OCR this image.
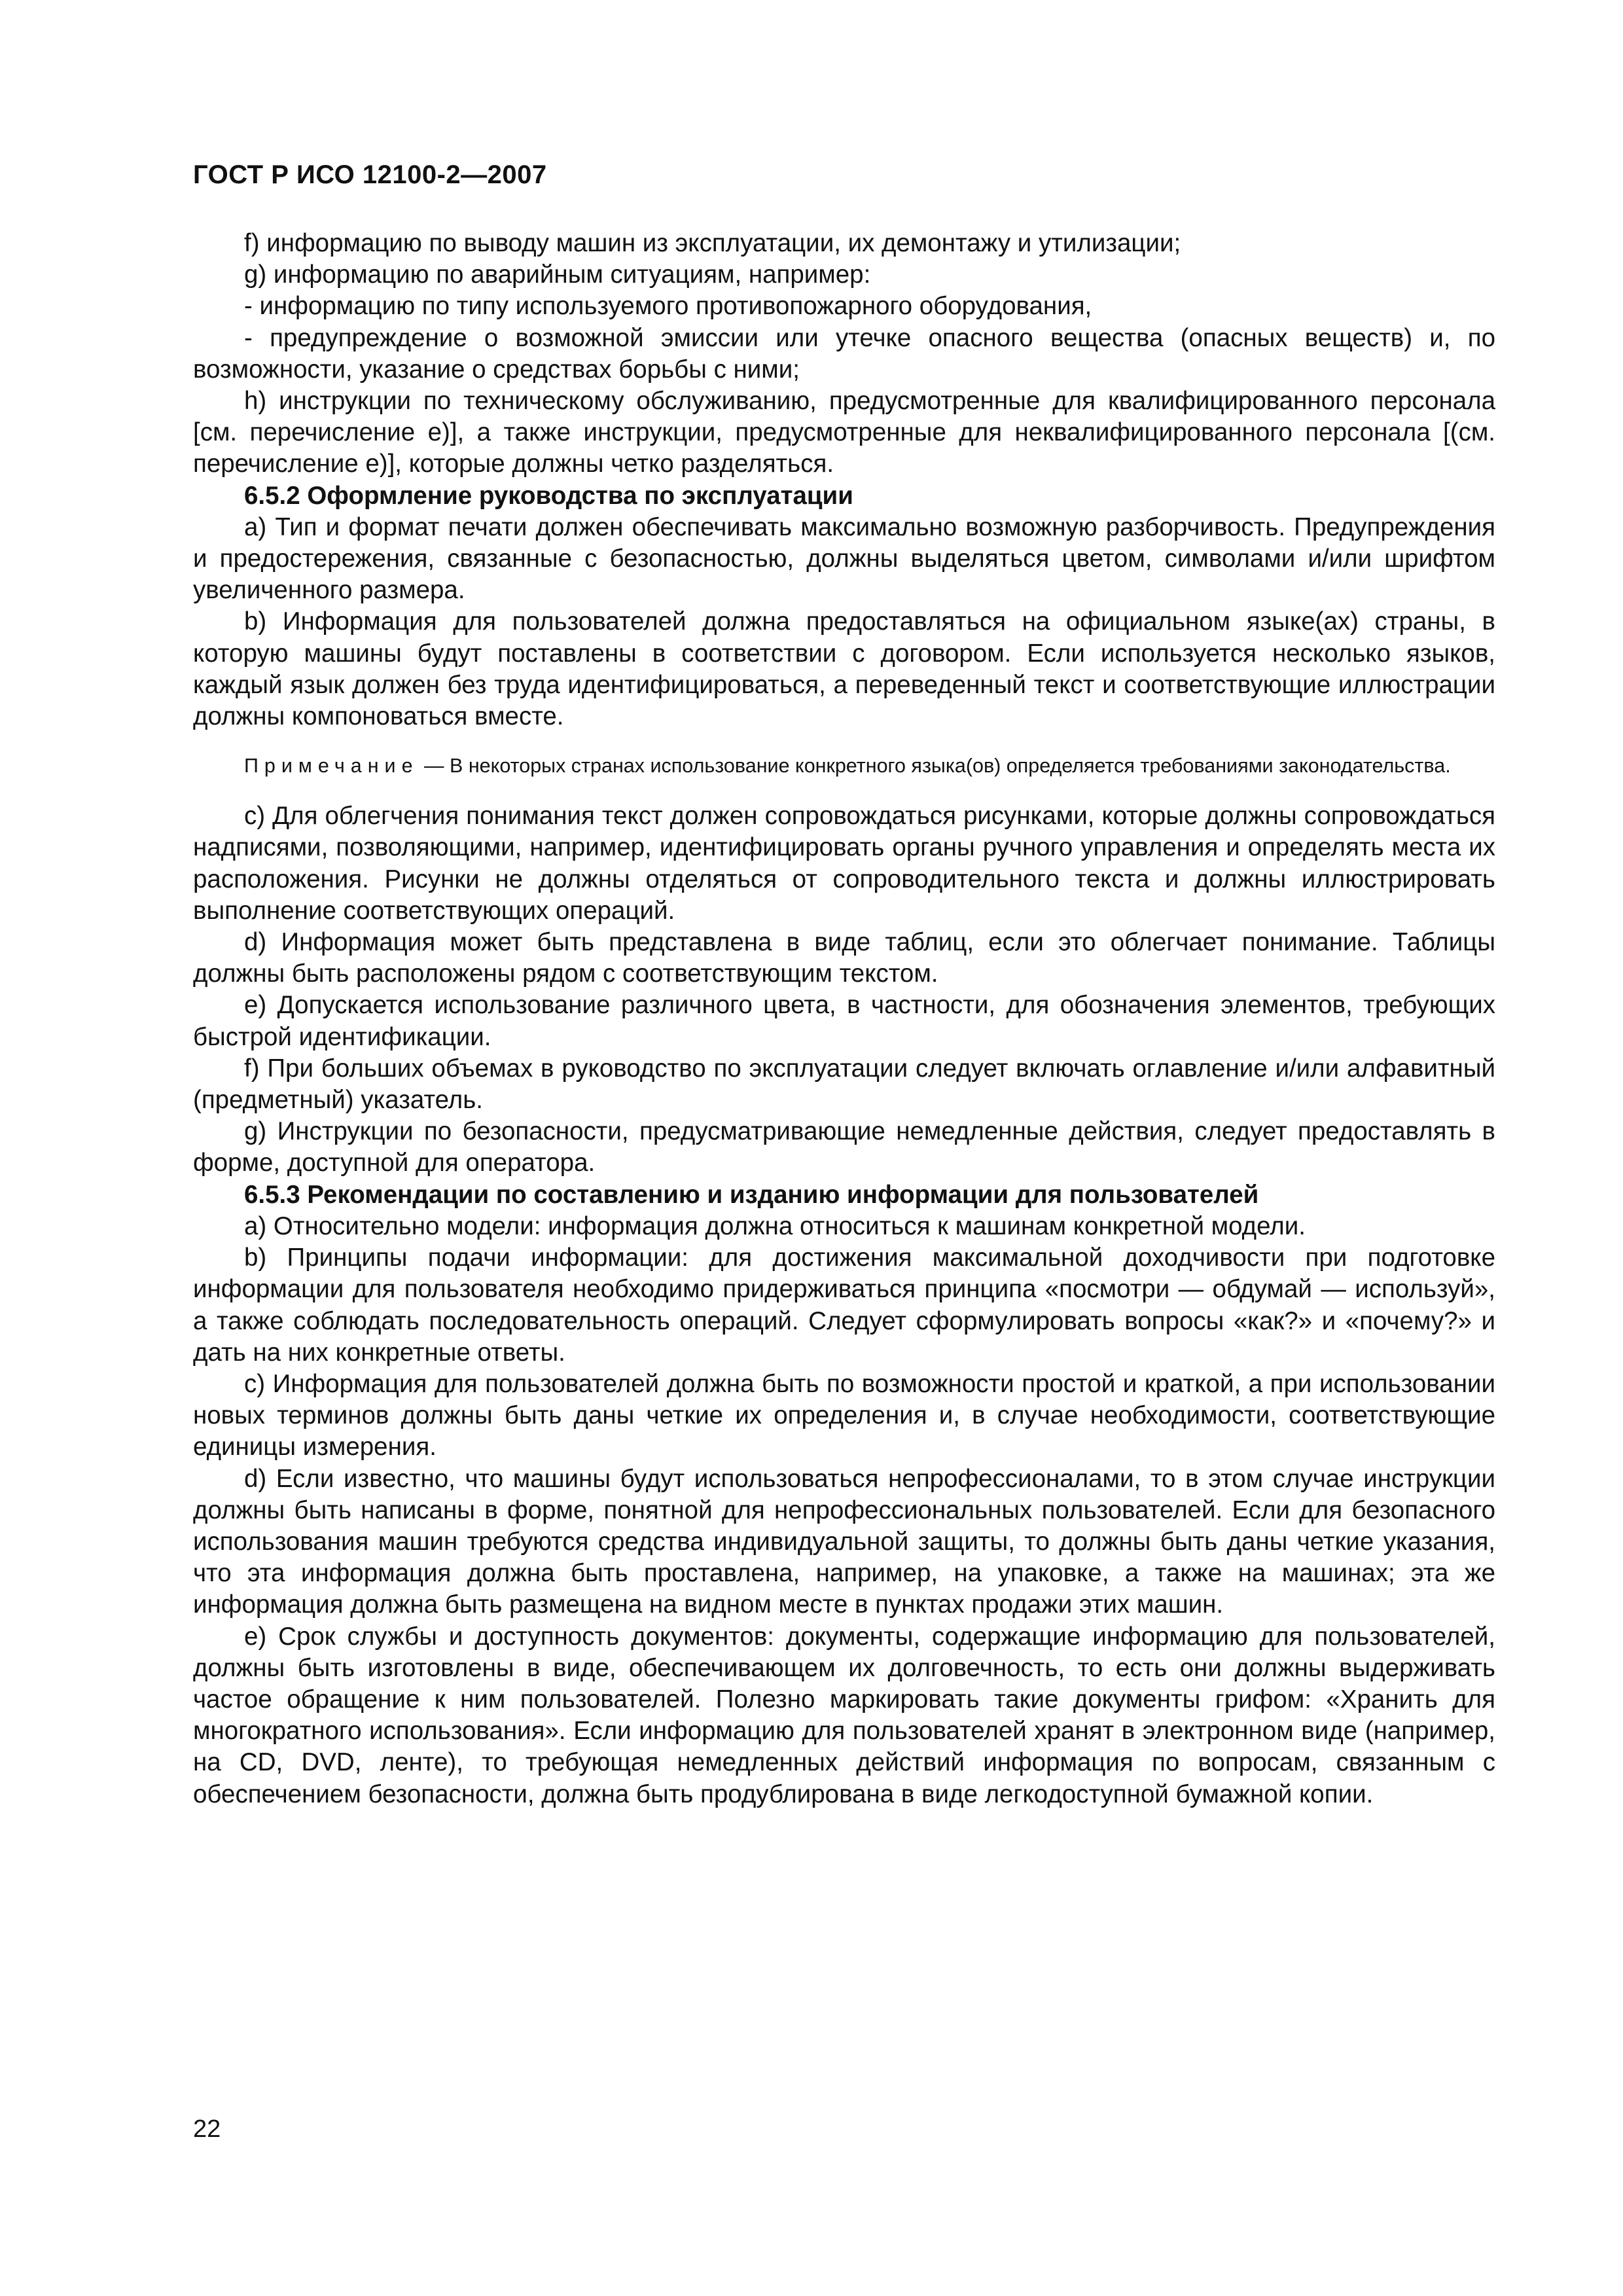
ГОСТ Р ИСО 12100-2—2007

f) информацию по выводу машин из эксплуатации, их демонтажу и утилизации;

g) информацию по аварийным ситуациям, например:

- информацию по типу используемого противопожарного оборудования,

- предупреждение о возможной эмиссии или утечке опасного вещества (опасных веществ) и, по возможности, указание о средствах борьбы с ними;

h) инструкции по техническому обслуживанию, предусмотренные для квалифицированного персонала [см. перечисление е)], а также инструкции, предусмотренные для неквалифицированного персонала [(см. перечисление е)], которые должны четко разделяться.

6.5.2 Оформление руководства по эксплуатации

а) Тип и формат печати должен обеспечивать максимально возможную разборчивость. Предупреждения и предостережения, связанные с безопасностью, должны выделяться цветом, символами и/или шрифтом увеличенного размера.

b) Информация для пользователей должна предоставляться на официальном языке(ах) страны, в которую машины будут поставлены в соответствии с договором. Если используется несколько языков, каждый язык должен без труда идентифицироваться, а переведенный текст и соответствующие иллюстрации должны компоноваться вместе.

Примечание — В некоторых странах использование конкретного языка(ов) определяется требованиями законодательства.

с) Для облегчения понимания текст должен сопровождаться рисунками, которые должны сопровождаться надписями, позволяющими, например, идентифицировать органы ручного управления и определять места их расположения. Рисунки не должны отделяться от сопроводительного текста и должны иллюстрировать выполнение соответствующих операций.

d) Информация может быть представлена в виде таблиц, если это облегчает понимание. Таблицы должны быть расположены рядом с соответствующим текстом.

е) Допускается использование различного цвета, в частности, для обозначения элементов, требующих быстрой идентификации.

f) При больших объемах в руководство по эксплуатации следует включать оглавление и/или алфавитный (предметный) указатель.

g) Инструкции по безопасности, предусматривающие немедленные действия, следует предоставлять в форме, доступной для оператора.

6.5.3 Рекомендации по составлению и изданию информации для пользователей

а) Относительно модели: информация должна относиться к машинам конкретной модели.

b) Принципы подачи информации: для достижения максимальной доходчивости при подготовке информации для пользователя необходимо придерживаться принципа «посмотри — обдумай — используй», а также соблюдать последовательность операций. Следует сформулировать вопросы «как?» и «почему?» и дать на них конкретные ответы.

с) Информация для пользователей должна быть по возможности простой и краткой, а при использовании новых терминов должны быть даны четкие их определения и, в случае необходимости, соответствующие единицы измерения.

d) Если известно, что машины будут использоваться непрофессионалами, то в этом случае инструкции должны быть написаны в форме, понятной для непрофессиональных пользователей. Если для безопасного использования машин требуются средства индивидуальной защиты, то должны быть даны четкие указания, что эта информация должна быть проставлена, например, на упаковке, а также на машинах; эта же информация должна быть размещена на видном месте в пунктах продажи этих машин.

е) Срок службы и доступность документов: документы, содержащие информацию для пользователей, должны быть изготовлены в виде, обеспечивающем их долговечность, то есть они должны выдерживать частое обращение к ним пользователей. Полезно маркировать такие документы грифом: «Хранить для многократного использования». Если информацию для пользователей хранят в электронном виде (например, на CD, DVD, ленте), то требующая немедленных действий информация по вопросам, связанным с обеспечением безопасности, должна быть продублирована в виде легкодоступной бумажной копии.

22
